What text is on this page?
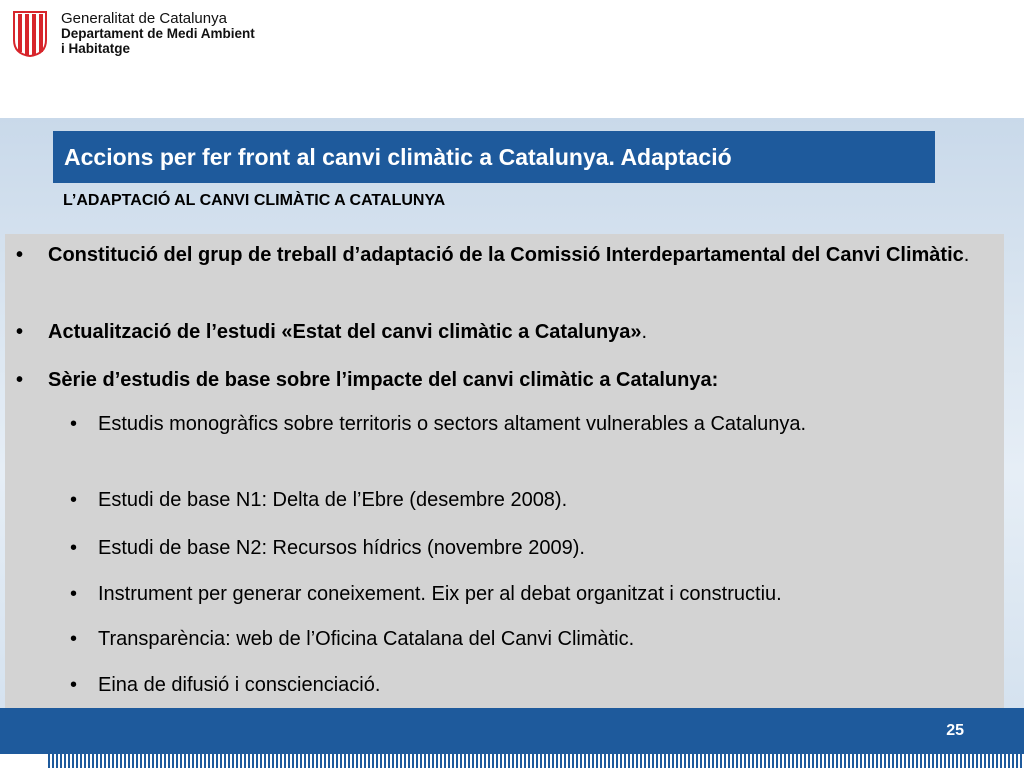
Generalitat de Catalunya
Departament de Medi Ambient
i Habitatge
Accions per fer front al canvi climàtic a Catalunya. Adaptació
L’ADAPTACIÓ AL CANVI CLIMÀTIC A CATALUNYA
• Constitució del grup de treball d’adaptació de la Comissió Interdepartamental del Canvi Climàtic.
• Actualització de l’estudi «Estat del canvi climàtic a Catalunya».
• Sèrie d’estudis de base sobre l’impacte del canvi climàtic a Catalunya:
• Estudis monogràfics sobre territoris o sectors altament vulnerables a Catalunya.
• Estudi de base N1: Delta de l’Ebre (desembre 2008).
• Estudi de base N2: Recursos hídrics (novembre 2009).
• Instrument per generar coneixement. Eix per al debat organitzat i constructiu.
• Transparència: web de l’Oficina Catalana del Canvi Climàtic.
• Eina de difusió i conscienciació.
25
